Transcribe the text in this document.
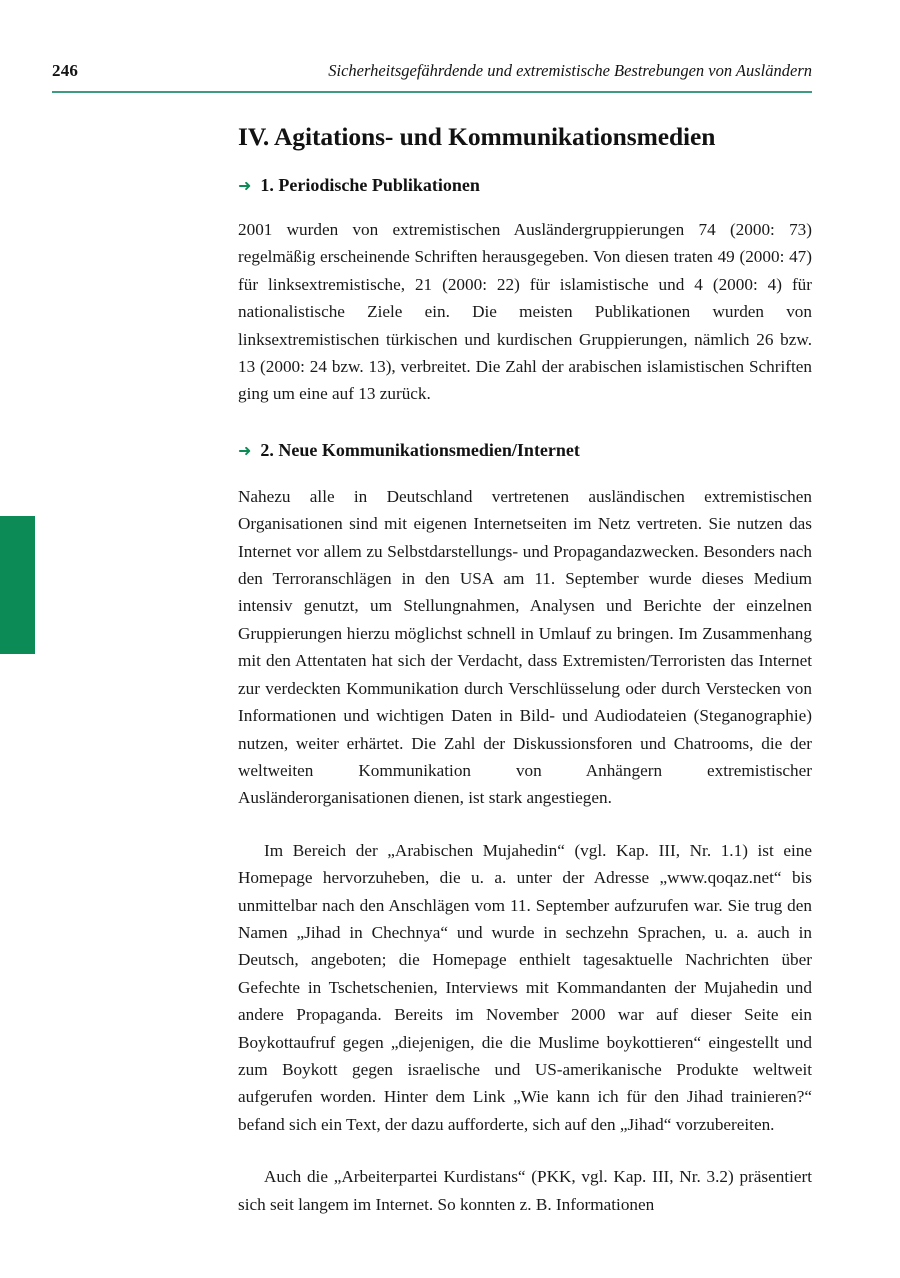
246	Sicherheitsgefährdende und extremistische Bestrebungen von Ausländern
IV. Agitations- und Kommunikationsmedien
➜ 1. Periodische Publikationen

2001 wurden von extremistischen Ausländergruppierungen 74 (2000: 73) regelmäßig erscheinende Schriften herausgegeben. Von diesen traten 49 (2000: 47) für linksextremistische, 21 (2000: 22) für islamistische und 4 (2000: 4) für nationalistische Ziele ein. Die meisten Publikationen wurden von linksextremistischen türkischen und kurdischen Gruppierungen, nämlich 26 bzw. 13 (2000: 24 bzw. 13), verbreitet. Die Zahl der arabischen islamistischen Schriften ging um eine auf 13 zurück.

➜ 2. Neue Kommunikationsmedien/Internet

Nahezu alle in Deutschland vertretenen ausländischen extremistischen Organisationen sind mit eigenen Internetseiten im Netz vertreten. Sie nutzen das Internet vor allem zu Selbstdarstellungs- und Propagandazwecken. Besonders nach den Terroranschlägen in den USA am 11. September wurde dieses Medium intensiv genutzt, um Stellungnahmen, Analysen und Berichte der einzelnen Gruppierungen hierzu möglichst schnell in Umlauf zu bringen. Im Zusammenhang mit den Attentaten hat sich der Verdacht, dass Extremisten/Terroristen das Internet zur verdeckten Kommunikation durch Verschlüsselung oder durch Verstecken von Informationen und wichtigen Daten in Bild- und Audiodateien (Steganographie) nutzen, weiter erhärtet. Die Zahl der Diskussionsforen und Chatrooms, die der weltweiten Kommunikation von Anhängern extremistischer Ausländerorganisationen dienen, ist stark angestiegen.

Im Bereich der „Arabischen Mujahedin“ (vgl. Kap. III, Nr. 1.1) ist eine Homepage hervorzuheben, die u. a. unter der Adresse „www.qoqaz.net“ bis unmittelbar nach den Anschlägen vom 11. September aufzurufen war. Sie trug den Namen „Jihad in Chechnya“ und wurde in sechzehn Sprachen, u. a. auch in Deutsch, angeboten; die Homepage enthielt tagesaktuelle Nachrichten über Gefechte in Tschetschenien, Interviews mit Kommandanten der Mujahedin und andere Propaganda. Bereits im November 2000 war auf dieser Seite ein Boykottaufruf gegen „diejenigen, die die Muslime boykottieren“ eingestellt und zum Boykott gegen israelische und US-amerikanische Produkte weltweit aufgerufen worden. Hinter dem Link „Wie kann ich für den Jihad trainieren?“ befand sich ein Text, der dazu aufforderte, sich auf den „Jihad“ vorzubereiten.

Auch die „Arbeiterpartei Kurdistans“ (PKK, vgl. Kap. III, Nr. 3.2) präsentiert sich seit langem im Internet. So konnten z. B. Informationen
